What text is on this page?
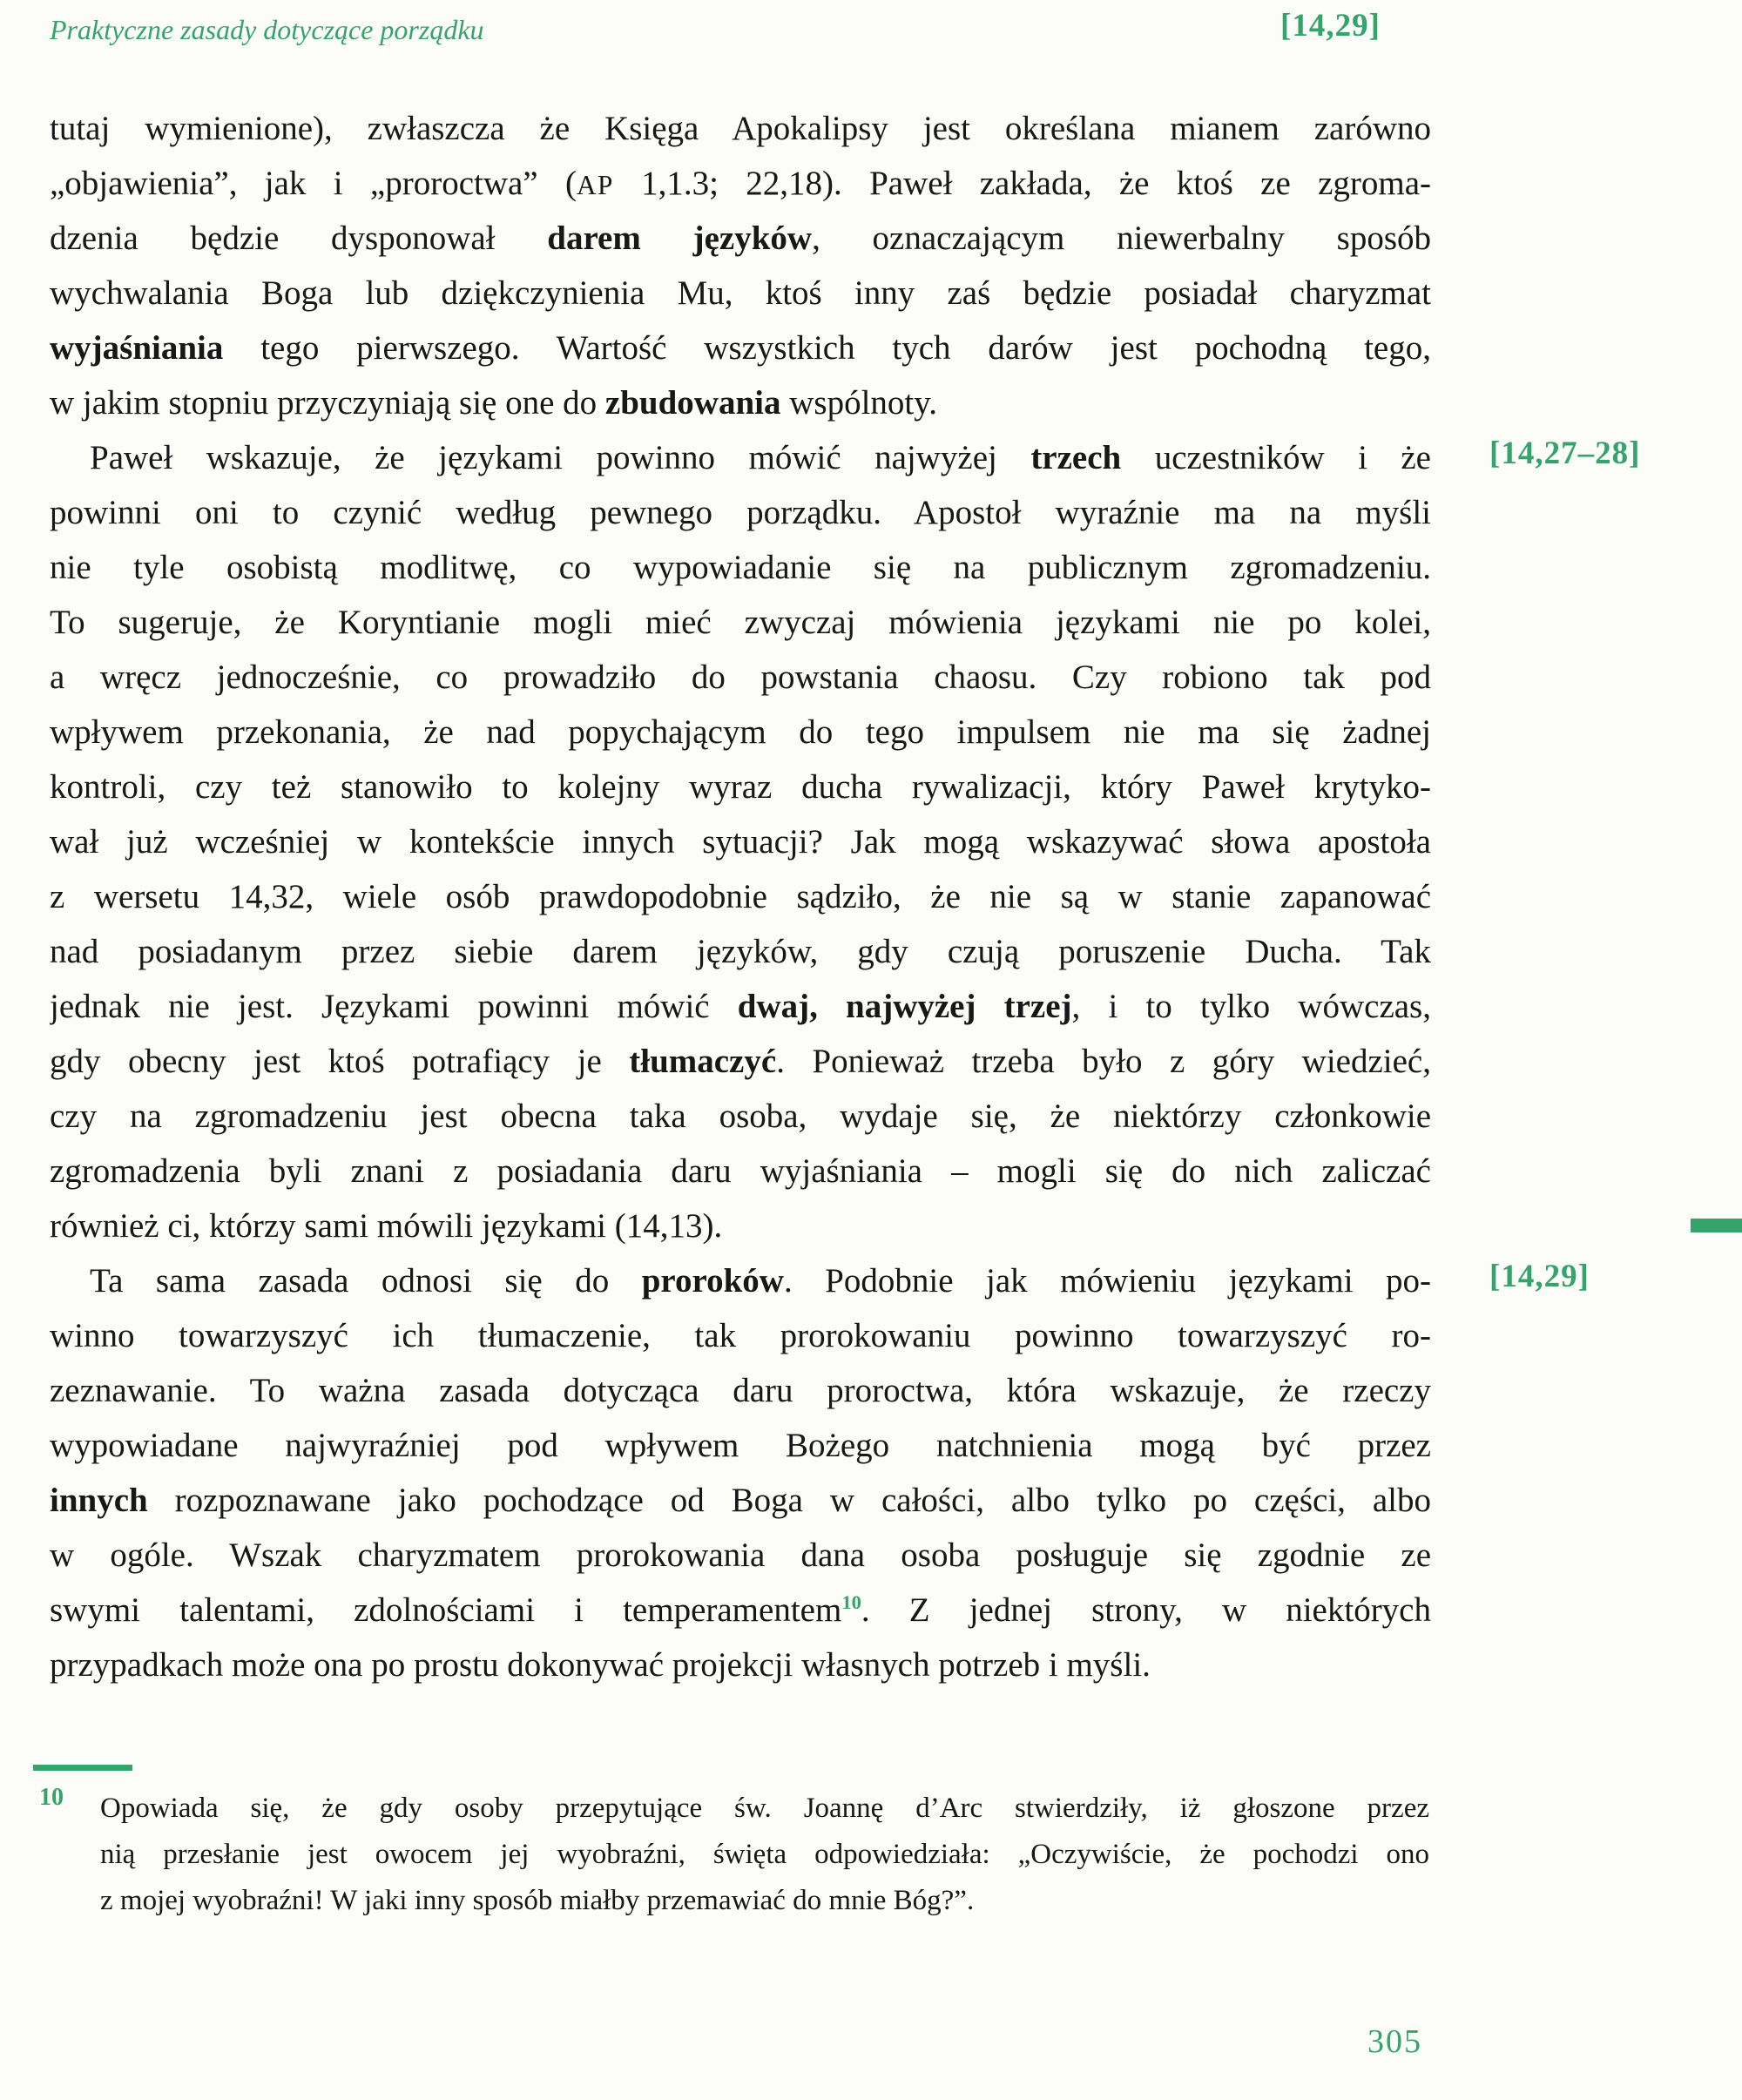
Praktyczne zasady dotyczące porządku	[14,29]
tutaj wymienione), zwłaszcza że Księga Apokalipsy jest określana mianem zarówno
„objawienia”, jak i „proroctwa” (AP 1,1.3; 22,18). Paweł zakłada, że ktoś ze zgroma-
dzenia będzie dysponował darem języków, oznaczającym niewerbalny sposób
wychwalania Boga lub dziękczynienia Mu, ktoś inny zaś będzie posiadał charyzmat
wyjaśniania tego pierwszego. Wartość wszystkich tych darów jest pochodną tego,
w jakim stopniu przyczyniają się one do zbudowania wspólnoty.
Paweł wskazuje, że językami powinno mówić najwyżej trzech uczestników i że
powinni oni to czynić według pewnego porządku. Apostoł wyraźnie ma na myśli
nie tyle osobistą modlitwę, co wypowiadanie się na publicznym zgromadzeniu.
To sugeruje, że Koryntianie mogli mieć zwyczaj mówienia językami nie po kolei,
a wręcz jednocześnie, co prowadziło do powstania chaosu. Czy robiono tak pod
wpływem przekonania, że nad popychającym do tego impulsem nie ma się żadnej
kontroli, czy też stanowiło to kolejny wyraz ducha rywalizacji, który Paweł krytyko-
wał już wcześniej w kontekście innych sytuacji? Jak mogą wskazywać słowa apostoła
z wersetu 14,32, wiele osób prawdopodobnie sądziło, że nie są w stanie zapanować
nad posiadanym przez siebie darem języków, gdy czują poruszenie Ducha. Tak
jednak nie jest. Językami powinni mówić dwaj, najwyżej trzej, i to tylko wówczas,
gdy obecny jest ktoś potrafiący je tłumaczyć. Ponieważ trzeba było z góry wiedzieć,
czy na zgromadzeniu jest obecna taka osoba, wydaje się, że niektórzy członkowie
zgromadzenia byli znani z posiadania daru wyjaśniania – mogli się do nich zaliczać
również ci, którzy sami mówili językami (14,13).
[14,27–28]
Ta sama zasada odnosi się do proroków. Podobnie jak mówieniu językami po-
winno towarzyszyć ich tłumaczenie, tak prorokowaniu powinno towarzyszyć ro-
zeznawanie. To ważna zasada dotycząca daru proroctwa, która wskazuje, że rzeczy
wypowiadane najwyraźniej pod wpływem Bożego natchnienia mogą być przez
innych rozpoznawane jako pochodzące od Boga w całości, albo tylko po części, albo
w ogóle. Wszak charyzmatem prorokowania dana osoba posługuje się zgodnie ze
swymi talentami, zdolnościami i temperamentem$^{10}$. Z jednej strony, w niektórych
przypadkach może ona po prostu dokonywać projekcji własnych potrzeb i myśli.
[14,29]
10 Opowiada się, że gdy osoby przepytujące św. Joannę d’Arc stwierdziły, iż głoszone przez
nią przesłanie jest owocem jej wyobraźni, święta odpowiedziała: „Oczywiście, że pochodzi ono
z mojej wyobraźni! W jaki inny sposób miałby przemawiać do mnie Bóg?”.
305
